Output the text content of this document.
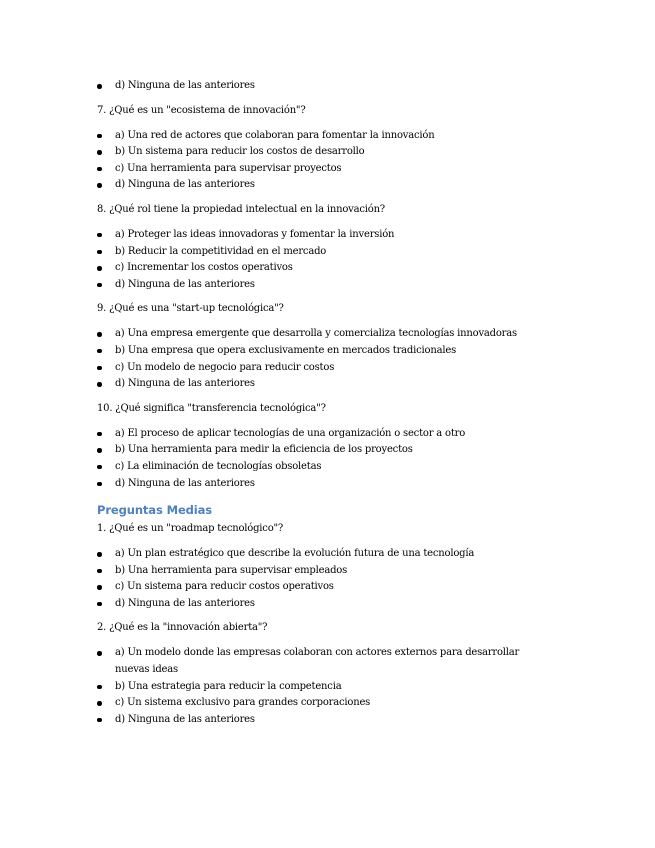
d) Ninguna de las anteriores

7. ¿Qué es un "ecosistema de innovación"?

a) Una red de actores que colaboran para fomentar la innovación
b) Un sistema para reducir los costos de desarrollo
c) Una herramienta para supervisar proyectos
d) Ninguna de las anteriores

8. ¿Qué rol tiene la propiedad intelectual en la innovación?

a) Proteger las ideas innovadoras y fomentar la inversión
b) Reducir la competitividad en el mercado
c) Incrementar los costos operativos
d) Ninguna de las anteriores

9. ¿Qué es una "start-up tecnológica"?

a) Una empresa emergente que desarrolla y comercializa tecnologías innovadoras
b) Una empresa que opera exclusivamente en mercados tradicionales
c) Un modelo de negocio para reducir costos
d) Ninguna de las anteriores

10. ¿Qué significa "transferencia tecnológica"?

a) El proceso de aplicar tecnologías de una organización o sector a otro
b) Una herramienta para medir la eficiencia de los proyectos
c) La eliminación de tecnologías obsoletas
d) Ninguna de las anteriores

Preguntas Medias

1. ¿Qué es un "roadmap tecnológico"?

a) Un plan estratégico que describe la evolución futura de una tecnología
b) Una herramienta para supervisar empleados
c) Un sistema para reducir costos operativos
d) Ninguna de las anteriores

2. ¿Qué es la "innovación abierta"?

a) Un modelo donde las empresas colaboran con actores externos para desarrollar nuevas ideas
b) Una estrategia para reducir la competencia
c) Un sistema exclusivo para grandes corporaciones
d) Ninguna de las anteriores
